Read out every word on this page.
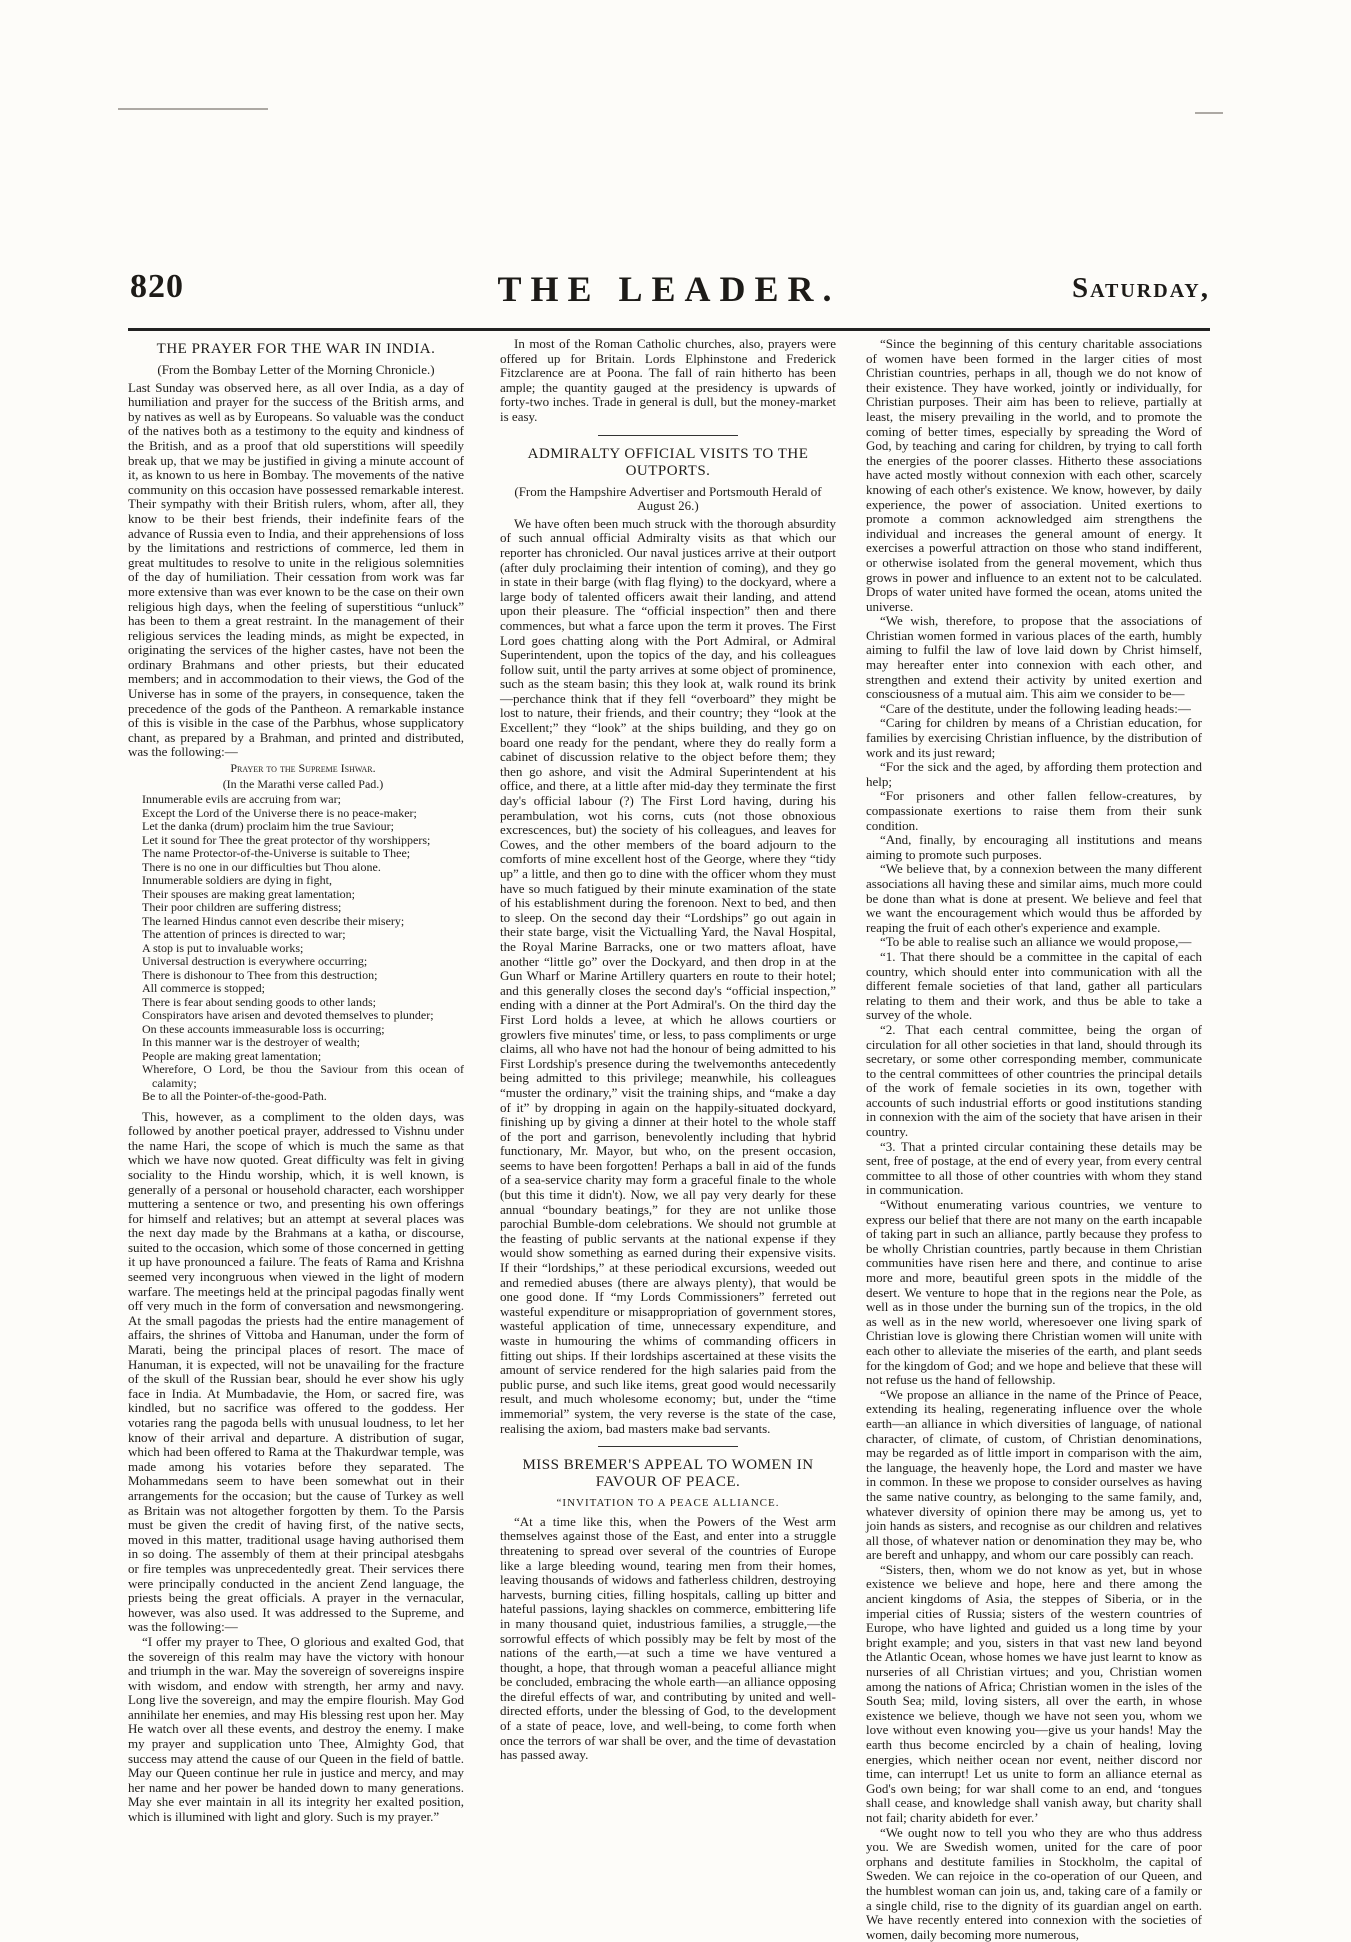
820	THE LEADER.	Saturday,
THE PRAYER FOR THE WAR IN INDIA.
(From the Bombay Letter of the Morning Chronicle.)

Last Sunday was observed here, as all over India, as a day of humiliation and prayer for the success of the British arms, and by natives as well as by Europeans. So valuable was the conduct of the natives both as a testimony to the equity and kindness of the British, and as a proof that old superstitions will speedily break up, that we may be justified in giving a minute account of it, as known to us here in Bombay. The movements of the native community on this occasion have possessed remarkable interest. Their sympathy with their British rulers, whom, after all, they know to be their best friends, their indefinite fears of the advance of Russia even to India, and their apprehensions of loss by the limitations and restrictions of commerce, led them in great multitudes to resolve to unite in the religious solemnities of the day of humiliation. Their cessation from work was far more extensive than was ever known to be the case on their own religious high days, when the feeling of superstitious “unluck” has been to them a great restraint. In the management of their religious services the leading minds, as might be expected, in originating the services of the higher castes, have not been the ordinary Brahmans and other priests, but their educated members; and in accommodation to their views, the God of the Universe has in some of the prayers, in consequence, taken the precedence of the gods of the Pantheon. A remarkable instance of this is visible in the case of the Parbhus, whose supplicatory chant, as prepared by a Brahman, and printed and distributed, was the following:—

Prayer to the Supreme Ishwar.
(In the Marathi verse called Pad.)
Innumerable evils are accruing from war;
Except the Lord of the Universe there is no peace-maker;
Let the danka (drum) proclaim him the true Saviour;
Let it sound for Thee the great protector of thy worshippers;
The name Protector-of-the-Universe is suitable to Thee;
There is no one in our difficulties but Thou alone.
Innumerable soldiers are dying in fight,
Their spouses are making great lamentation;
Their poor children are suffering distress;
The learned Hindus cannot even describe their misery;
The attention of princes is directed to war;
A stop is put to invaluable works;
Universal destruction is everywhere occurring;
There is dishonour to Thee from this destruction;
All commerce is stopped;
There is fear about sending goods to other lands;
Conspirators have arisen and devoted themselves to plunder;
On these accounts immeasurable loss is occurring;
In this manner war is the destroyer of wealth;
People are making great lamentation;
Wherefore, O Lord, be thou the Saviour from this ocean of calamity;
Be to all the Pointer-of-the-good-Path.

This, however, as a compliment to the olden days, was followed by another poetical prayer, addressed to Vishnu under the name Hari, the scope of which is much the same as that which we have now quoted. Great difficulty was felt in giving sociality to the Hindu worship, which, it is well known, is generally of a personal or household character, each worshipper muttering a sentence or two, and presenting his own offerings for himself and relatives; but an attempt at several places was the next day made by the Brahmans at a katha, or discourse, suited to the occasion, which some of those concerned in getting it up have pronounced a failure. The feats of Rama and Krishna seemed very incongruous when viewed in the light of modern warfare. The meetings held at the principal pagodas finally went off very much in the form of conversation and newsmongering. At the small pagodas the priests had the entire management of affairs, the shrines of Vittoba and Hanuman, under the form of Marati, being the principal places of resort. The mace of Hanuman, it is expected, will not be unavailing for the fracture of the skull of the Russian bear, should he ever show his ugly face in India. At Mumbadavie, the Hom, or sacred fire, was kindled, but no sacrifice was offered to the goddess. Her votaries rang the pagoda bells with unusual loudness, to let her know of their arrival and departure. A distribution of sugar, which had been offered to Rama at the Thakurdwar temple, was made among his votaries before they separated. The Mohammedans seem to have been somewhat out in their arrangements for the occasion; but the cause of Turkey as well as Britain was not altogether forgotten by them. To the Parsis must be given the credit of having first, of the native sects, moved in this matter, traditional usage having authorised them in so doing. The assembly of them at their principal atesbgahs or fire temples was unprecedentedly great. Their services there were principally conducted in the ancient Zend language, the priests being the great officials. A prayer in the vernacular, however, was also used. It was addressed to the Supreme, and was the following:—

“I offer my prayer to Thee, O glorious and exalted God, that the sovereign of this realm may have the victory with honour and triumph in the war. May the sovereign of sovereigns inspire with wisdom, and endow with strength, her army and navy. Long live the sovereign, and may the empire flourish. May God annihilate her enemies, and may His blessing rest upon her. May He watch over all these events, and destroy the enemy. I make my prayer and supplication unto Thee, Almighty God, that success may attend the cause of our Queen in the field of battle. May our Queen continue her rule in justice and mercy, and may her name and her power be handed down to many generations. May she ever maintain in all its integrity her exalted position, which is illumined with light and glory. Such is my prayer.”

In most of the Roman Catholic churches, also, prayers were offered up for Britain. Lords Elphinstone and Frederick Fitzclarence are at Poona. The fall of rain hitherto has been ample; the quantity gauged at the presidency is upwards of forty-two inches. Trade in general is dull, but the money-market is easy.

ADMIRALTY OFFICIAL VISITS TO THE OUTPORTS.
(From the Hampshire Advertiser and Portsmouth Herald of August 26.)

We have often been much struck with the thorough absurdity of such annual official Admiralty visits as that which our reporter has chronicled. Our naval justices arrive at their outport (after duly proclaiming their intention of coming), and they go in state in their barge (with flag flying) to the dockyard, where a large body of talented officers await their landing, and attend upon their pleasure. The “official inspection” then and there commences, but what a farce upon the term it proves. The First Lord goes chatting along with the Port Admiral, or Admiral Superintendent, upon the topics of the day, and his colleagues follow suit, until the party arrives at some object of prominence, such as the steam basin; this they look at, walk round its brink—perchance think that if they fell “overboard” they might be lost to nature, their friends, and their country; they “look at the Excellent;” they “look” at the ships building, and they go on board one ready for the pendant, where they do really form a cabinet of discussion relative to the object before them; they then go ashore, and visit the Admiral Superintendent at his office, and there, at a little after mid-day they terminate the first day's official labour (?) The First Lord having, during his perambulation, wot his corns, cuts (not those obnoxious excrescences, but) the society of his colleagues, and leaves for Cowes, and the other members of the board adjourn to the comforts of mine excellent host of the George, where they “tidy up” a little, and then go to dine with the officer whom they must have so much fatigued by their minute examination of the state of his establishment during the forenoon. Next to bed, and then to sleep. On the second day their “Lordships” go out again in their state barge, visit the Victualling Yard, the Naval Hospital, the Royal Marine Barracks, one or two matters afloat, have another “little go” over the Dockyard, and then drop in at the Gun Wharf or Marine Artillery quarters en route to their hotel; and this generally closes the second day's “official inspection,” ending with a dinner at the Port Admiral's. On the third day the First Lord holds a levee, at which he allows courtiers or growlers five minutes' time, or less, to pass compliments or urge claims, all who have not had the honour of being admitted to his First Lordship's presence during the twelvemonths antecedently being admitted to this privilege; meanwhile, his colleagues “muster the ordinary,” visit the training ships, and “make a day of it” by dropping in again on the happily-situated dockyard, finishing up by giving a dinner at their hotel to the whole staff of the port and garrison, benevolently including that hybrid functionary, Mr. Mayor, but who, on the present occasion, seems to have been forgotten! Perhaps a ball in aid of the funds of a sea-service charity may form a graceful finale to the whole (but this time it didn't). Now, we all pay very dearly for these annual “boundary beatings,” for they are not unlike those parochial Bumble-dom celebrations. We should not grumble at the feasting of public servants at the national expense if they would show something as earned during their expensive visits. If their “lordships,” at these periodical excursions, weeded out and remedied abuses (there are always plenty), that would be one good done. If “my Lords Commissioners” ferreted out wasteful expenditure or misappropriation of government stores, wasteful application of time, unnecessary expenditure, and waste in humouring the whims of commanding officers in fitting out ships. If their lordships ascertained at these visits the amount of service rendered for the high salaries paid from the public purse, and such like items, great good would necessarily result, and much wholesome economy; but, under the “time immemorial” system, the very reverse is the state of the case, realising the axiom, bad masters make bad servants.

MISS BREMER'S APPEAL TO WOMEN IN FAVOUR OF PEACE.
“INVITATION TO A PEACE ALLIANCE.

“At a time like this, when the Powers of the West arm themselves against those of the East, and enter into a struggle threatening to spread over several of the countries of Europe like a large bleeding wound, tearing men from their homes, leaving thousands of widows and fatherless children, destroying harvests, burning cities, filling hospitals, calling up bitter and hateful passions, laying shackles on commerce, embittering life in many thousand quiet, industrious families, a struggle,—the sorrowful effects of which possibly may be felt by most of the nations of the earth,—at such a time we have ventured a thought, a hope, that through woman a peaceful alliance might be concluded, embracing the whole earth—an alliance opposing the direful effects of war, and contributing by united and well-directed efforts, under the blessing of God, to the development of a state of peace, love, and well-being, to come forth when once the terrors of war shall be over, and the time of devastation has passed away.

“Since the beginning of this century charitable associations of women have been formed in the larger cities of most Christian countries, perhaps in all, though we do not know of their existence. They have worked, jointly or individually, for Christian purposes. Their aim has been to relieve, partially at least, the misery prevailing in the world, and to promote the coming of better times, especially by spreading the Word of God, by teaching and caring for children, by trying to call forth the energies of the poorer classes. Hitherto these associations have acted mostly without connexion with each other, scarcely knowing of each other's existence. We know, however, by daily experience, the power of association. United exertions to promote a common acknowledged aim strengthens the individual and increases the general amount of energy. It exercises a powerful attraction on those who stand indifferent, or otherwise isolated from the general movement, which thus grows in power and influence to an extent not to be calculated. Drops of water united have formed the ocean, atoms united the universe.

“We wish, therefore, to propose that the associations of Christian women formed in various places of the earth, humbly aiming to fulfil the law of love laid down by Christ himself, may hereafter enter into connexion with each other, and strengthen and extend their activity by united exertion and consciousness of a mutual aim. This aim we consider to be—

“Care of the destitute, under the following leading heads:—

“Caring for children by means of a Christian education, for families by exercising Christian influence, by the distribution of work and its just reward;

“For the sick and the aged, by affording them protection and help;

“For prisoners and other fallen fellow-creatures, by compassionate exertions to raise them from their sunk condition.

“And, finally, by encouraging all institutions and means aiming to promote such purposes.

“We believe that, by a connexion between the many different associations all having these and similar aims, much more could be done than what is done at present. We believe and feel that we want the encouragement which would thus be afforded by reaping the fruit of each other's experience and example.

“To be able to realise such an alliance we would propose,—

“1. That there should be a committee in the capital of each country, which should enter into communication with all the different female societies of that land, gather all particulars relating to them and their work, and thus be able to take a survey of the whole.

“2. That each central committee, being the organ of circulation for all other societies in that land, should through its secretary, or some other corresponding member, communicate to the central committees of other countries the principal details of the work of female societies in its own, together with accounts of such industrial efforts or good institutions standing in connexion with the aim of the society that have arisen in their country.

“3. That a printed circular containing these details may be sent, free of postage, at the end of every year, from every central committee to all those of other countries with whom they stand in communication.

“Without enumerating various countries, we venture to express our belief that there are not many on the earth incapable of taking part in such an alliance, partly because they profess to be wholly Christian countries, partly because in them Christian communities have risen here and there, and continue to arise more and more, beautiful green spots in the middle of the desert. We venture to hope that in the regions near the Pole, as well as in those under the burning sun of the tropics, in the old as well as in the new world, wheresoever one living spark of Christian love is glowing there Christian women will unite with each other to alleviate the miseries of the earth, and plant seeds for the kingdom of God; and we hope and believe that these will not refuse us the hand of fellowship.

“We propose an alliance in the name of the Prince of Peace, extending its healing, regenerating influence over the whole earth—an alliance in which diversities of language, of national character, of climate, of custom, of Christian denominations, may be regarded as of little import in comparison with the aim, the language, the heavenly hope, the Lord and master we have in common. In these we propose to consider ourselves as having the same native country, as belonging to the same family, and, whatever diversity of opinion there may be among us, yet to join hands as sisters, and recognise as our children and relatives all those, of whatever nation or denomination they may be, who are bereft and unhappy, and whom our care possibly can reach.

“Sisters, then, whom we do not know as yet, but in whose existence we believe and hope, here and there among the ancient kingdoms of Asia, the steppes of Siberia, or in the imperial cities of Russia; sisters of the western countries of Europe, who have lighted and guided us a long time by your bright example; and you, sisters in that vast new land beyond the Atlantic Ocean, whose homes we have just learnt to know as nurseries of all Christian virtues; and you, Christian women among the nations of Africa; Christian women in the isles of the South Sea; mild, loving sisters, all over the earth, in whose existence we believe, though we have not seen you, whom we love without even knowing you—give us your hands! May the earth thus become encircled by a chain of healing, loving energies, which neither ocean nor event, neither discord nor time, can interrupt! Let us unite to form an alliance eternal as God's own being; for war shall come to an end, and ‘tongues shall cease, and knowledge shall vanish away, but charity shall not fail; charity abideth for ever.’

“We ought now to tell you who they are who thus address you. We are Swedish women, united for the care of poor orphans and destitute families in Stockholm, the capital of Sweden. We can rejoice in the co-operation of our Queen, and the humblest woman can join us, and, taking care of a family or a single child, rise to the dignity of its guardian angel on earth. We have recently entered into connexion with the societies of women, daily becoming more numerous,
